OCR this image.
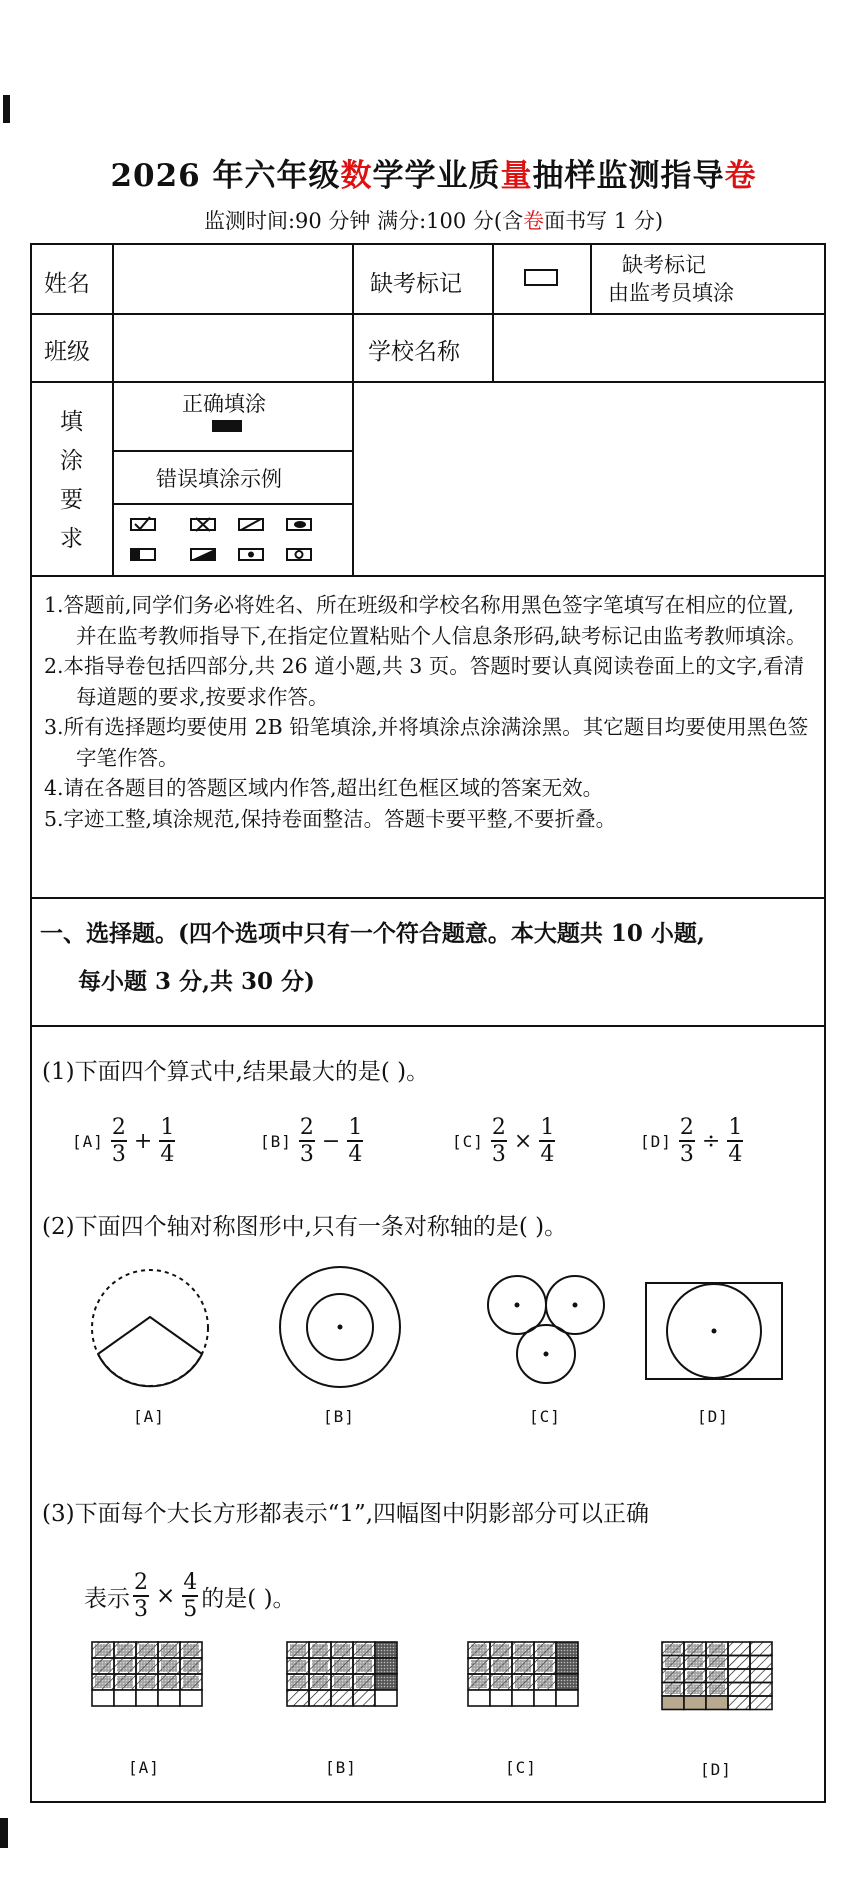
2026 年六年级数学学业质量抽样监测指导卷
监测时间:90 分钟 满分:100 分(含卷面书写 1 分)
姓名	缺考标记
缺考标记
由监考员填涂
班级	学校名称
填
涂
要
求
正确填涂
错误填涂示例
1.答题前,同学们务必将姓名、所在班级和学校名称用黑色签字笔填写在相应的位置,并在监考教师指导下,在指定位置粘贴个人信息条形码,缺考标记由监考教师填涂。
2.本指导卷包括四部分,共 26 道小题,共 3 页。答题时要认真阅读卷面上的文字,看清每道题的要求,按要求作答。
3.所有选择题均要使用 2B 铅笔填涂,并将填涂点涂满涂黑。其它题目均要使用黑色签字笔作答。
4.请在各题目的答题区域内作答,超出红色框区域的答案无效。
5.字迹工整,填涂规范,保持卷面整洁。答题卡要平整,不要折叠。
一、选择题。(四个选项中只有一个符合题意。本大题共 10 小题,
每小题 3 分,共 30 分)
(1)下面四个算式中,结果最大的是( )。
$[A] \frac{2}{3} + \frac{1}{4}$	$[B] \frac{2}{3} - \frac{1}{4}$	$[C] \frac{2}{3} \times \frac{1}{4}$	$[D] \frac{2}{3} \div \frac{1}{4}$
(2)下面四个轴对称图形中,只有一条对称轴的是( )。
[A]	[B]	[C]	[D]
(3)下面每个大长方形都表示“1”,四幅图中阴影部分可以正确
表示 $\frac{2}{3} \times \frac{4}{5}$ 的是( )。
[A]	[B]	[C]	[D]
